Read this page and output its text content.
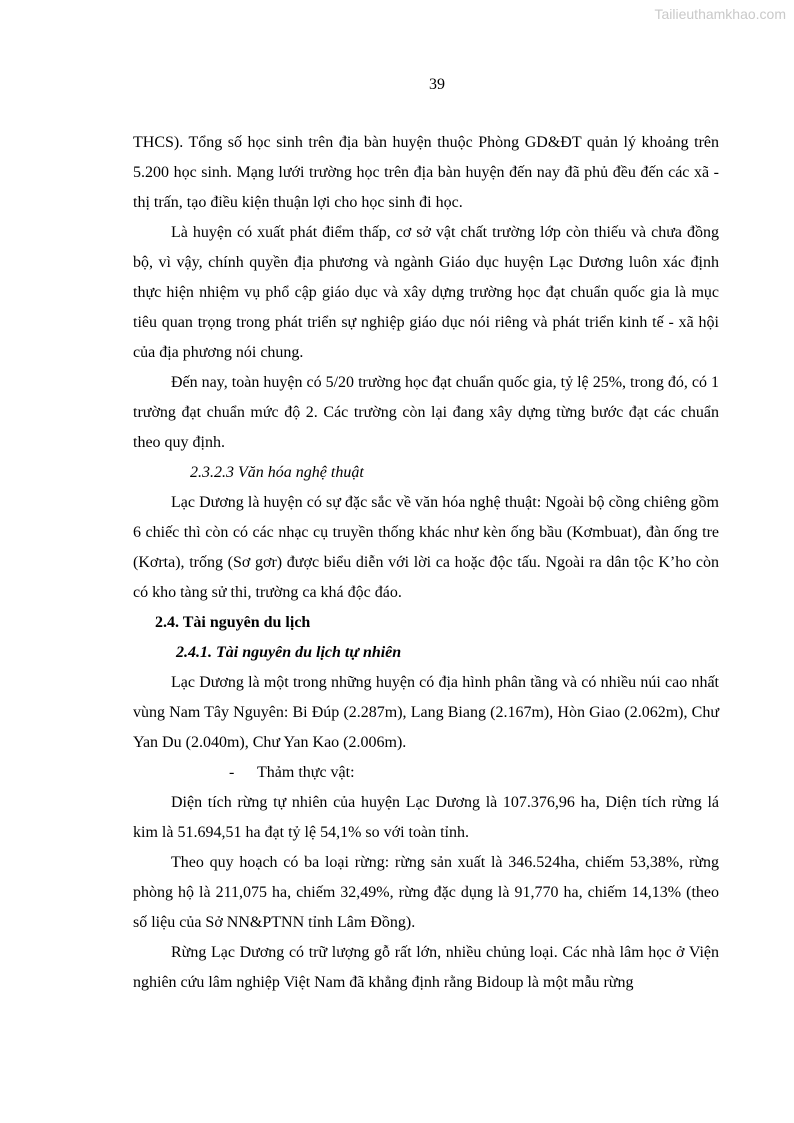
Tailieuthamkhao.com
39

THCS). Tổng số học sinh trên địa bàn huyện thuộc Phòng GD&ĐT quản lý khoảng trên 5.200 học sinh. Mạng lưới trường học trên địa bàn huyện đến nay đã phủ đều đến các xã - thị trấn, tạo điều kiện thuận lợi cho học sinh đi học.

Là huyện có xuất phát điểm thấp, cơ sở vật chất trường lớp còn thiếu và chưa đồng bộ, vì vậy, chính quyền địa phương và ngành Giáo dục huyện Lạc Dương luôn xác định thực hiện nhiệm vụ phổ cập giáo dục và xây dựng trường học đạt chuẩn quốc gia là mục tiêu quan trọng trong phát triển sự nghiệp giáo dục nói riêng và phát triển kinh tế - xã hội của địa phương nói chung.

Đến nay, toàn huyện có 5/20 trường học đạt chuẩn quốc gia, tỷ lệ 25%, trong đó, có 1 trường đạt chuẩn mức độ 2. Các trường còn lại đang xây dựng từng bước đạt các chuẩn theo quy định.

2.3.2.3 Văn hóa nghệ thuật

Lạc Dương là huyện có sự đặc sắc về văn hóa nghệ thuật: Ngoài bộ cồng chiêng gồm 6 chiếc thì còn có các nhạc cụ truyền thống khác như kèn ống bầu (Kơmbuat), đàn ống tre (Kơrta), trống (Sơ gơr) được biểu diễn với lời ca hoặc độc tấu. Ngoài ra dân tộc K’ho còn có kho tàng sử thi, trường ca khá độc đáo.

2.4. Tài nguyên du lịch

2.4.1. Tài nguyên du lịch tự nhiên

Lạc Dương là một trong những huyện có địa hình phân tầng và có nhiều núi cao nhất vùng Nam Tây Nguyên: Bi Đúp (2.287m), Lang Biang (2.167m), Hòn Giao (2.062m), Chư Yan Du (2.040m), Chư Yan Kao (2.006m).

- Thảm thực vật:

Diện tích rừng tự nhiên của huyện Lạc Dương là 107.376,96 ha, Diện tích rừng lá kim là 51.694,51 ha đạt tỷ lệ 54,1% so với toàn tỉnh.

Theo quy hoạch có ba loại rừng: rừng sản xuất là 346.524ha, chiếm 53,38%, rừng phòng hộ là 211,075 ha, chiếm 32,49%, rừng đặc dụng là 91,770 ha, chiếm 14,13% (theo số liệu của Sở NN&PTNN tỉnh Lâm Đồng).

Rừng Lạc Dương có trữ lượng gỗ rất lớn, nhiều chủng loại. Các nhà lâm học ở Viện nghiên cứu lâm nghiệp Việt Nam đã khẳng định rằng Bidoup là một mẫu rừng
